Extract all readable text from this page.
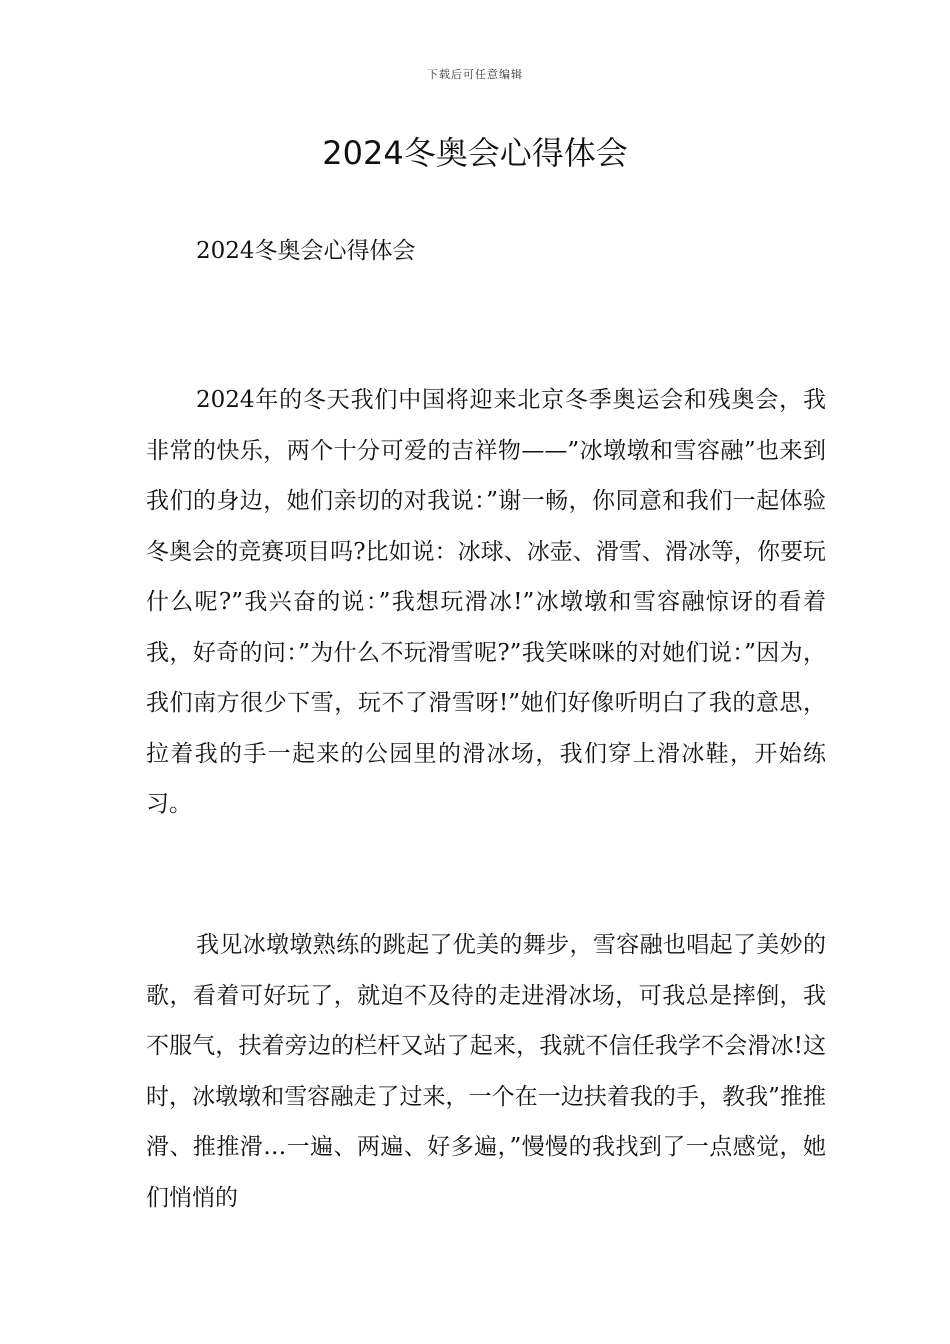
下载后可任意编辑
2024冬奥会心得体会

2024冬奥会心得体会

2024年的冬天我们中国将迎来北京冬季奥运会和残奥会，我非常的快乐，两个十分可爱的吉祥物——”冰墩墩和雪容融”也来到我们的身边，她们亲切的对我说：”谢一畅，你同意和我们一起体验冬奥会的竞赛项目吗?比如说：冰球、冰壶、滑雪、滑冰等，你要玩什么呢?”我兴奋的说：”我想玩滑冰!”冰墩墩和雪容融惊讶的看着我，好奇的问：”为什么不玩滑雪呢?”我笑咪咪的对她们说：”因为，我们南方很少下雪，玩不了滑雪呀!”她们好像听明白了我的意思，拉着我的手一起来的公园里的滑冰场，我们穿上滑冰鞋，开始练习。

我见冰墩墩熟练的跳起了优美的舞步，雪容融也唱起了美妙的歌，看着可好玩了，就迫不及待的走进滑冰场，可我总是摔倒，我不服气，扶着旁边的栏杆又站了起来，我就不信任我学不会滑冰!这时，冰墩墩和雪容融走了过来，一个在一边扶着我的手，教我”推推滑、推推滑…一遍、两遍、好多遍，”慢慢的我找到了一点感觉，她们悄悄的
